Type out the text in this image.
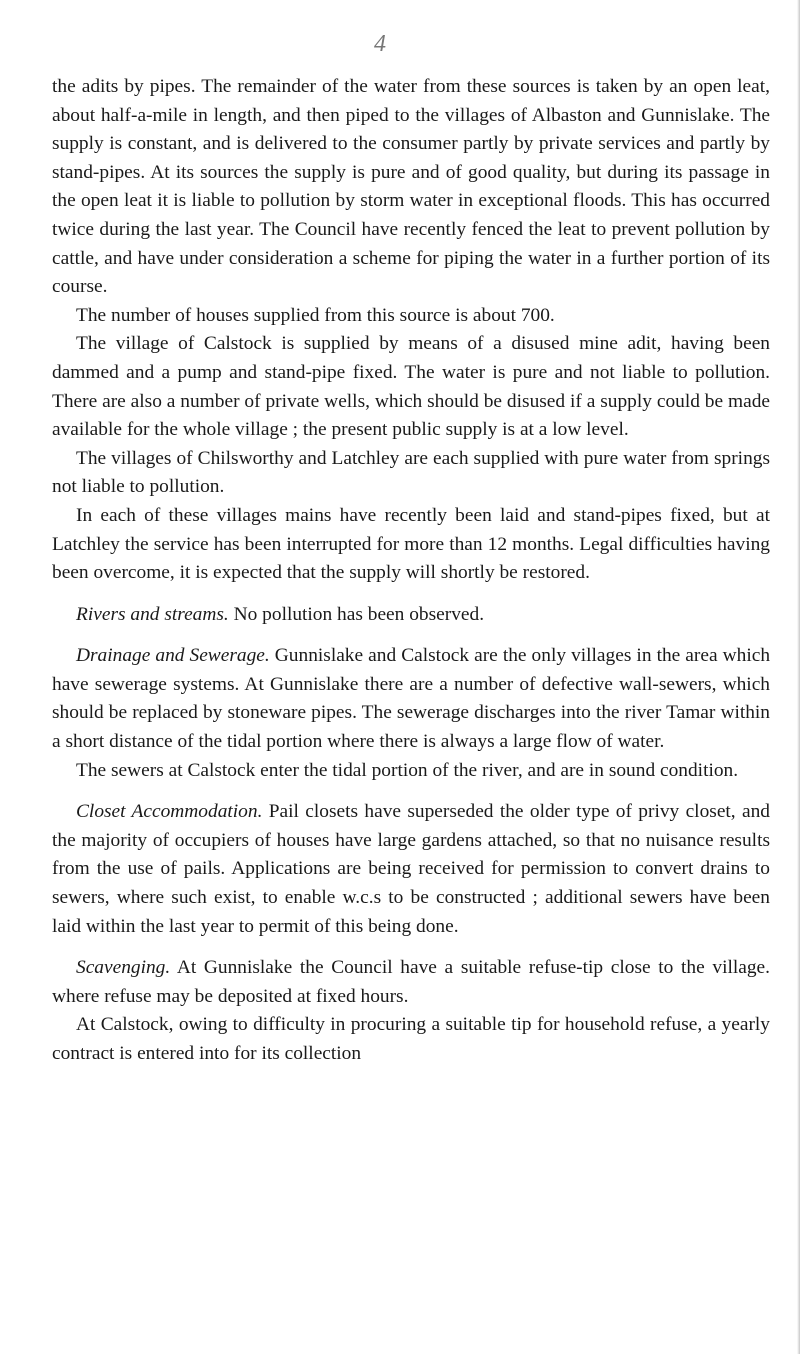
4

the adits by pipes. The remainder of the water from these sources is taken by an open leat, about half-a-mile in length, and then piped to the villages of Albaston and Gunnislake. The supply is constant, and is delivered to the consumer partly by private services and partly by stand-pipes. At its sources the supply is pure and of good quality, but during its passage in the open leat it is liable to pollution by storm water in exceptional floods. This has occurred twice during the last year. The Council have recently fenced the leat to prevent pollution by cattle, and have under consideration a scheme for piping the water in a further portion of its course.

The number of houses supplied from this source is about 700.

The village of Calstock is supplied by means of a disused mine adit, having been dammed and a pump and stand-pipe fixed. The water is pure and not liable to pollution. There are also a number of private wells, which should be disused if a supply could be made available for the whole village ; the present public supply is at a low level.

The villages of Chilsworthy and Latchley are each supplied with pure water from springs not liable to pollution.

In each of these villages mains have recently been laid and stand-pipes fixed, but at Latchley the service has been interrupted for more than 12 months. Legal difficulties having been overcome, it is expected that the supply will shortly be restored.

Rivers and streams. No pollution has been observed.

Drainage and Sewerage. Gunnislake and Calstock are the only villages in the area which have sewerage systems. At Gunnislake there are a number of defective wall-sewers, which should be replaced by stoneware pipes. The sewerage discharges into the river Tamar within a short distance of the tidal portion where there is always a large flow of water.

The sewers at Calstock enter the tidal portion of the river, and are in sound condition.

Closet Accommodation. Pail closets have superseded the older type of privy closet, and the majority of occupiers of houses have large gardens attached, so that no nuisance results from the use of pails. Applications are being received for permission to convert drains to sewers, where such exist, to enable w.c.s to be constructed ; additional sewers have been laid within the last year to permit of this being done.

Scavenging. At Gunnislake the Council have a suitable refuse-tip close to the village. where refuse may be deposited at fixed hours.

At Calstock, owing to difficulty in procuring a suitable tip for household refuse, a yearly contract is entered into for its collection
